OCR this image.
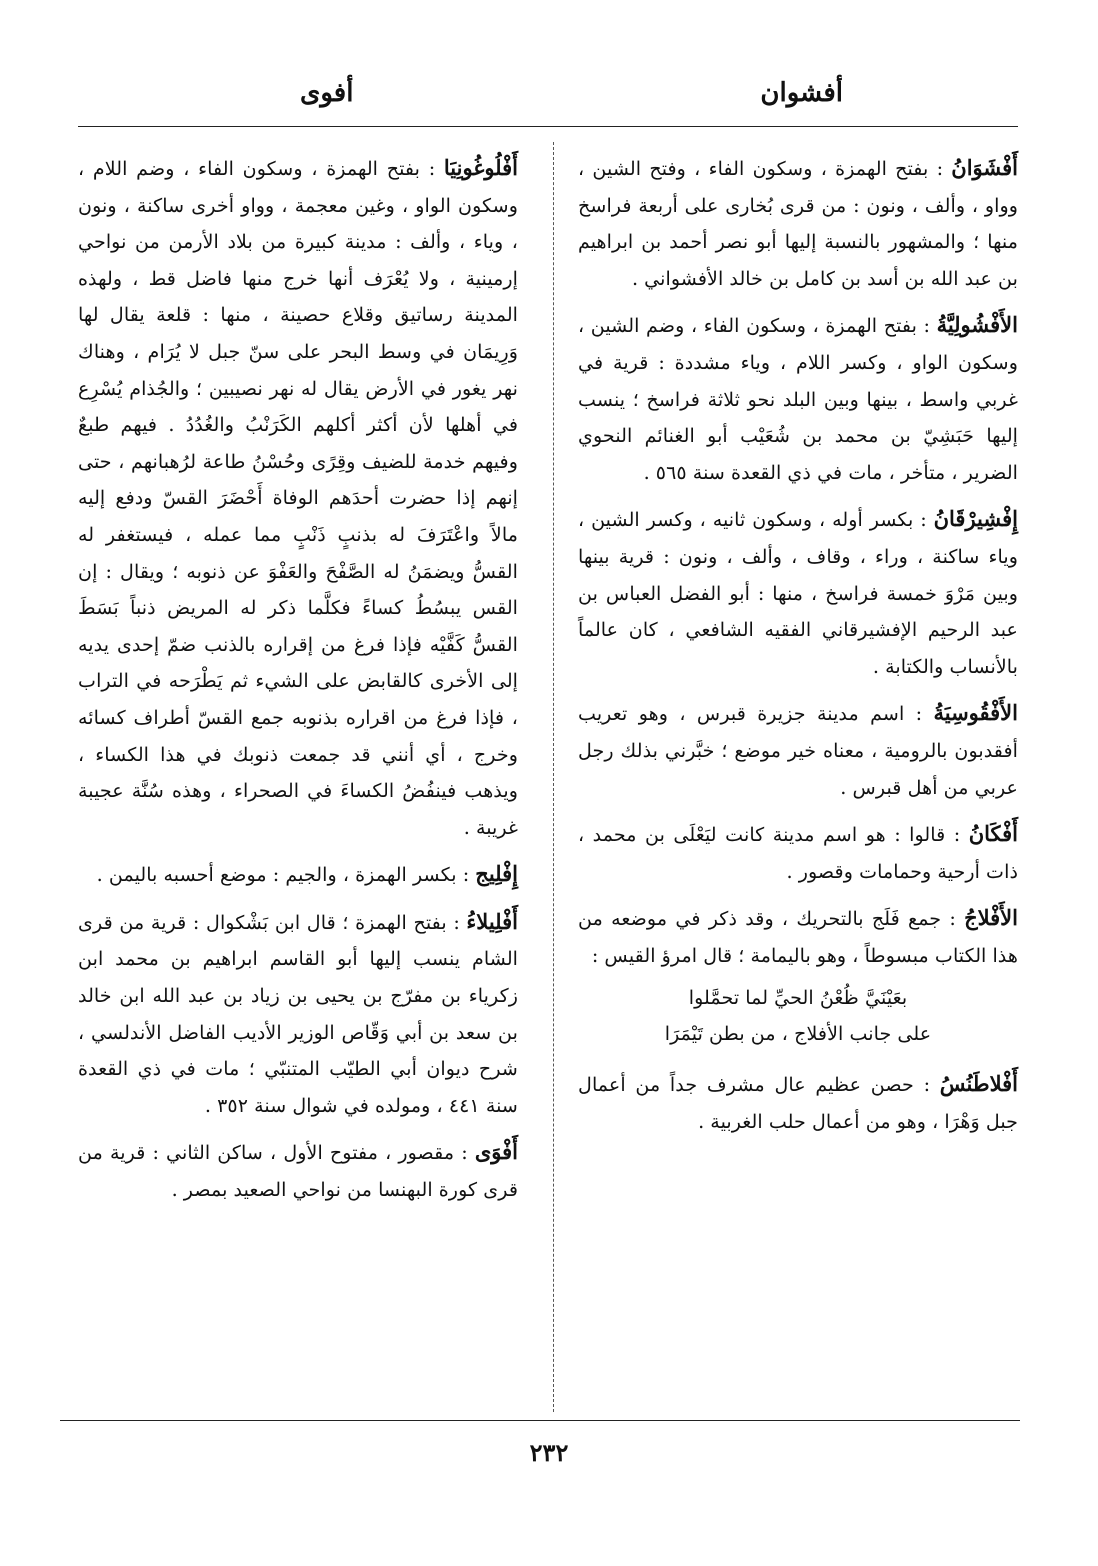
أفشوان
أفوى
أَفْشَوَانُ : بفتح الهمزة ، وسكون الفاء ، وفتح الشين ، وواو ، وألف ، ونون : من قرى بُخارى على أربعة فراسخ منها ؛ والمشهور بالنسبة إليها أبو نصر أحمد بن ابراهيم بن عبد الله بن أسد بن كامل بن خالد الأفشواني .
الأَفْشُولِيَّةُ : بفتح الهمزة ، وسكون الفاء ، وضم الشين ، وسكون الواو ، وكسر اللام ، وياء مشددة : قرية في غربي واسط ، بينها وبين البلد نحو ثلاثة فراسخ ؛ ينسب إليها حَبَشِيّ بن محمد بن شُعَيْب أبو الغنائم النحوي الضرير ، متأخر ، مات في ذي القعدة سنة ٥٦٥ .
إِفْشِيرْقَانُ : بكسر أوله ، وسكون ثانيه ، وكسر الشين ، وياء ساكنة ، وراء ، وقاف ، وألف ، ونون : قرية بينها وبين مَرْوَ خمسة فراسخ ، منها : أبو الفضل العباس بن عبد الرحيم الإفشيرقاني الفقيه الشافعي ، كان عالماً بالأنساب والكتابة .
الأَفْقُوسِيَةُ : اسم مدينة جزيرة قبرس ، وهو تعريب أفقدبون بالرومية ، معناه خير موضع ؛ خبَّرني بذلك رجل عربي من أهل قبرس .
أَفْكَانُ : قالوا : هو اسم مدينة كانت ليَعْلَى بن محمد ، ذات أرحية وحمامات وقصور .
الأَفْلاجُ : جمع فَلَج بالتحريك ، وقد ذكر في موضعه من هذا الكتاب مبسوطاً ، وهو باليمامة ؛ قال امرؤ القيس :
بعَيْنَيَّ ظُعْنُ الحيِّ لما تحمَّلوا
على جانب الأفلاج ، من بطن تَيْمَرَا
أَفْلاطَنُسُ : حصن عظيم عال مشرف جداً من أعمال جبل وَهْرَا ، وهو من أعمال حلب الغربية .
أَفْلُوغُونِيَا : بفتح الهمزة ، وسكون الفاء ، وضم اللام ، وسكون الواو ، وغين معجمة ، وواو أخرى ساكنة ، ونون ، وياء ، وألف : مدينة كبيرة من بلاد الأرمن من نواحي إرمينية ، ولا يُعْرَف أنها خرج منها فاضل قط ، ولهذه المدينة رساتيق وقلاع حصينة ، منها : قلعة يقال لها وَرِيمَان في وسط البحر على سنّ جبل لا يُرَام ، وهناك نهر يغور في الأرض يقال له نهر نصيبين ؛ والجُذام يُسْرِع في أهلها لأن أكثر أكلهم الكَرَنْبُ والغُدُدُ . فيهم طبعٌ وفيهم خدمة للضيف وقِرًى وحُسْنُ طاعة لرُهبانهم ، حتى إنهم إذا حضرت أحدَهم الوفاة أَحْضَرَ القسّ ودفع إليه مالاً واعْتَرَفَ له بذنبٍ ذَنْبٍ مما عمله ، فيستغفر له القسُّ ويضمَنُ له الصَّفْحَ والعَفْوَ عن ذنوبه ؛ ويقال : إن القس يبسُطُ كساءً فكلَّما ذكر له المريض ذنباً بَسَطَ القسُّ كَفَّيْه فإذا فرغ من إقراره بالذنب ضمّ إحدى يديه إلى الأخرى كالقابض على الشيء ثم يَطْرَحه في التراب ، فإذا فرغ من اقراره بذنوبه جمع القسّ أطراف كسائه وخرج ، أي أنني قد جمعت ذنوبك في هذا الكساء ، ويذهب فينفُضُ الكساءَ في الصحراء ، وهذه سُنَّة عجيبة غريبة .
إِفْلِيج : بكسر الهمزة ، والجيم : موضع أحسبه باليمن .
أَفْلِيلاءُ : بفتح الهمزة ؛ قال ابن بَشْكوال : قرية من قرى الشام ينسب إليها أبو القاسم ابراهيم بن محمد ابن زكرياء بن مفرّج بن يحيى بن زياد بن عبد الله ابن خالد بن سعد بن أبي وَقّاص الوزير الأديب الفاضل الأندلسي ، شرح ديوان أبي الطيّب المتنبّي ؛ مات في ذي القعدة سنة ٤٤١ ، ومولده في شوال سنة ٣٥٢ .
أَفْوَى : مقصور ، مفتوح الأول ، ساكن الثاني : قرية من قرى كورة البهنسا من نواحي الصعيد بمصر .
٢٣٢
